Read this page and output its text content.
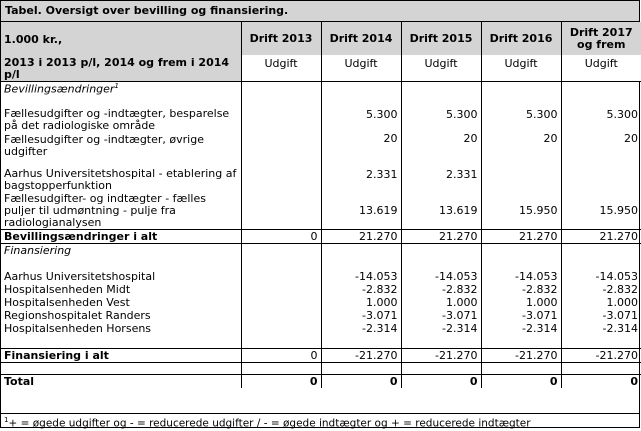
Tabel. Oversigt over bevilling og finansiering.
1.000 kr.,	Drift 2013	Drift 2014	Drift 2015	Drift 2016	Drift 2017 og frem
2013 i 2013 p/l, 2014 og frem i 2014 p/l	Udgift	Udgift	Udgift	Udgift	Udgift
Bevillingsændringer$^1$					
Fællesudgifter og -indtægter, besparelse på det radiologiske område		5.300	5.300	5.300	5.300
Fællesudgifter og -indtægter, øvrige udgifter		20	20	20	20
Aarhus Universitetshospital - etablering af bagstopperfunktion		2.331	2.331		
Fællesudgifter- og indtægter - fælles puljer til udmøntning - pulje fra radiologianalysen		13.619	13.619	15.950	15.950
Bevillingsændringer i alt	0	21.270	21.270	21.270	21.270
Finansiering					

Aarhus Universitetshospital		-14.053	-14.053	-14.053	-14.053
Hospitalsenheden Midt		-2.832	-2.832	-2.832	-2.832
Hospitalsenheden Vest		1.000	1.000	1.000	1.000
Regionshospitalet Randers		-3.071	-3.071	-3.071	-3.071
Hospitalsenheden Horsens		-2.314	-2.314	-2.314	-2.314

Finansiering i alt	0	-21.270	-21.270	-21.270	-21.270

Total	0	0	0	0	0
$^1$+ = øgede udgifter og - = reducerede udgifter / - = øgede indtægter og + = reducerede indtægter
